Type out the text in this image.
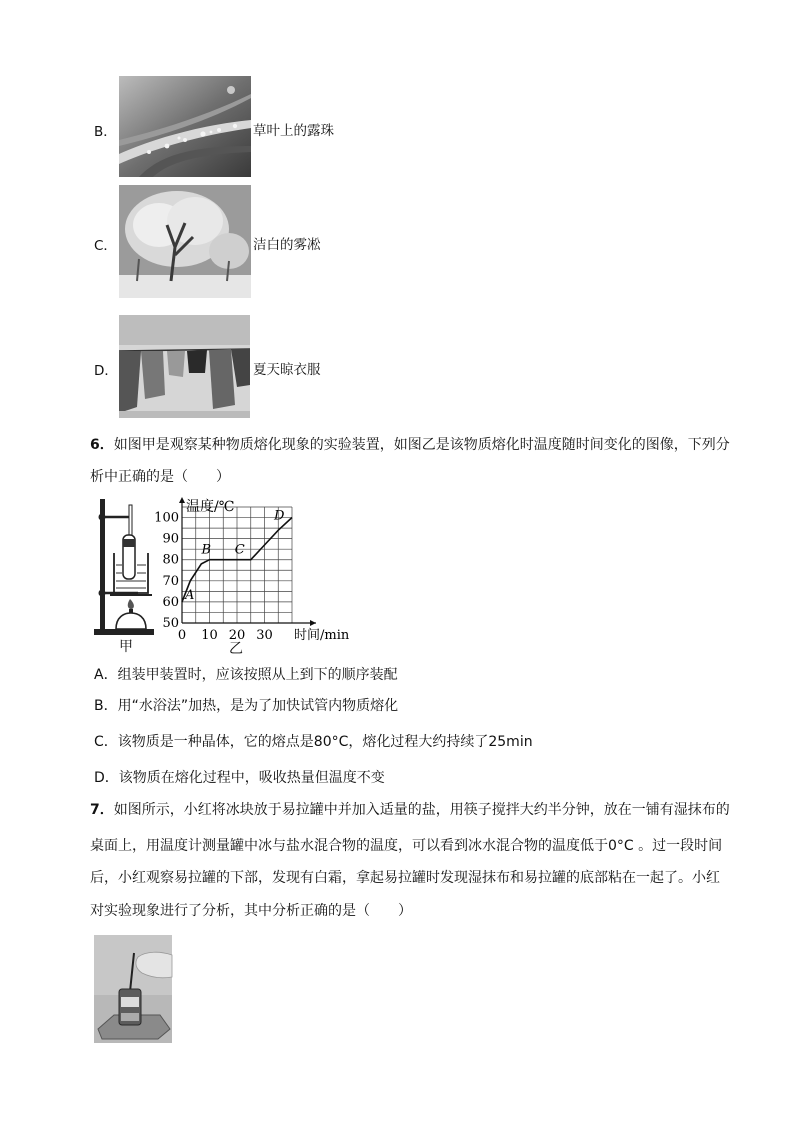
B．	草叶上的露珠
C．	洁白的雾凇
D．	夏天晾衣服
6．如图甲是观察某种物质熔化现象的实验装置，如图乙是该物质熔化时温度随时间变化的图像，下列分
析中正确的是（　　）
甲
0 10 20 30
50
60
70
80
90
100
温度/℃
时间/min
A
B C
D
乙
A．组装甲装置时，应该按照从上到下的顺序装配
B．用“水浴法”加热，是为了加快试管内物质熔化
C．该物质是一种晶体，它的熔点是80°C，熔化过程大约持续了25min
D．该物质在熔化过程中，吸收热量但温度不变
7．如图所示，小红将冰块放于易拉罐中并加入适量的盐，用筷子搅拌大约半分钟，放在一铺有湿抹布的
桌面上，用温度计测量罐中冰与盐水混合物的温度，可以看到冰水混合物的温度低于0°C 。过一段时间
后，小红观察易拉罐的下部，发现有白霜，拿起易拉罐时发现湿抹布和易拉罐的底部粘在一起了。小红
对实验现象进行了分析，其中分析正确的是（　　）
